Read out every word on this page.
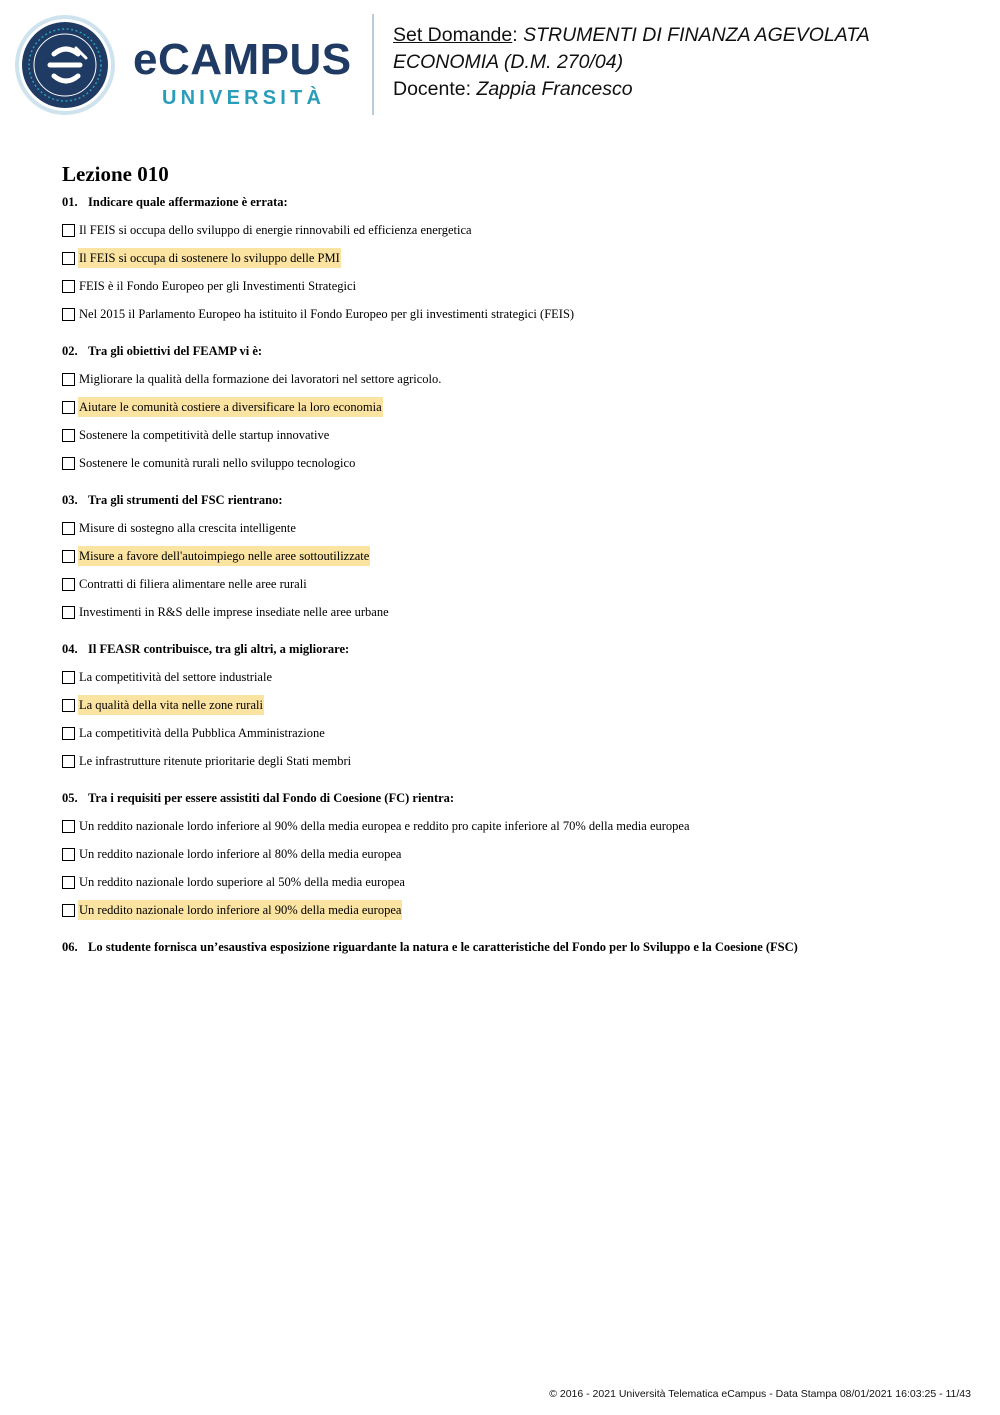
eCAMPUS
UNIVERSITÀ
Set Domande: STRUMENTI DI FINANZA AGEVOLATA
ECONOMIA (D.M. 270/04)
Docente: Zappia Francesco
Lezione 010
01. Indicare quale affermazione è errata:
Il FEIS si occupa dello sviluppo di energie rinnovabili ed efficienza energetica
Il FEIS si occupa di sostenere lo sviluppo delle PMI
FEIS è il Fondo Europeo per gli Investimenti Strategici
Nel 2015 il Parlamento Europeo ha istituito il Fondo Europeo per gli investimenti strategici (FEIS)
02. Tra gli obiettivi del FEAMP vi è:
Migliorare la qualità della formazione dei lavoratori nel settore agricolo.
Aiutare le comunità costiere a diversificare la loro economia
Sostenere la competitività delle startup innovative
Sostenere le comunità rurali nello sviluppo tecnologico
03. Tra gli strumenti del FSC rientrano:
Misure di sostegno alla crescita intelligente
Misure a favore dell'autoimpiego nelle aree sottoutilizzate
Contratti di filiera alimentare nelle aree rurali
Investimenti in R&S delle imprese insediate nelle aree urbane
04. Il FEASR contribuisce, tra gli altri, a migliorare:
La competitività del settore industriale
La qualità della vita nelle zone rurali
La competitività della Pubblica Amministrazione
Le infrastrutture ritenute prioritarie degli Stati membri
05. Tra i requisiti per essere assistiti dal Fondo di Coesione (FC) rientra:
Un reddito nazionale lordo inferiore al 90% della media europea e reddito pro capite inferiore al 70% della media europea
Un reddito nazionale lordo inferiore al 80% della media europea
Un reddito nazionale lordo superiore al 50% della media europea
Un reddito nazionale lordo inferiore al 90% della media europea
06. Lo studente fornisca un’esaustiva esposizione riguardante la natura e le caratteristiche del Fondo per lo Sviluppo e la Coesione (FSC)
© 2016 - 2021 Università Telematica eCampus - Data Stampa 08/01/2021 16:03:25 - 11/43
